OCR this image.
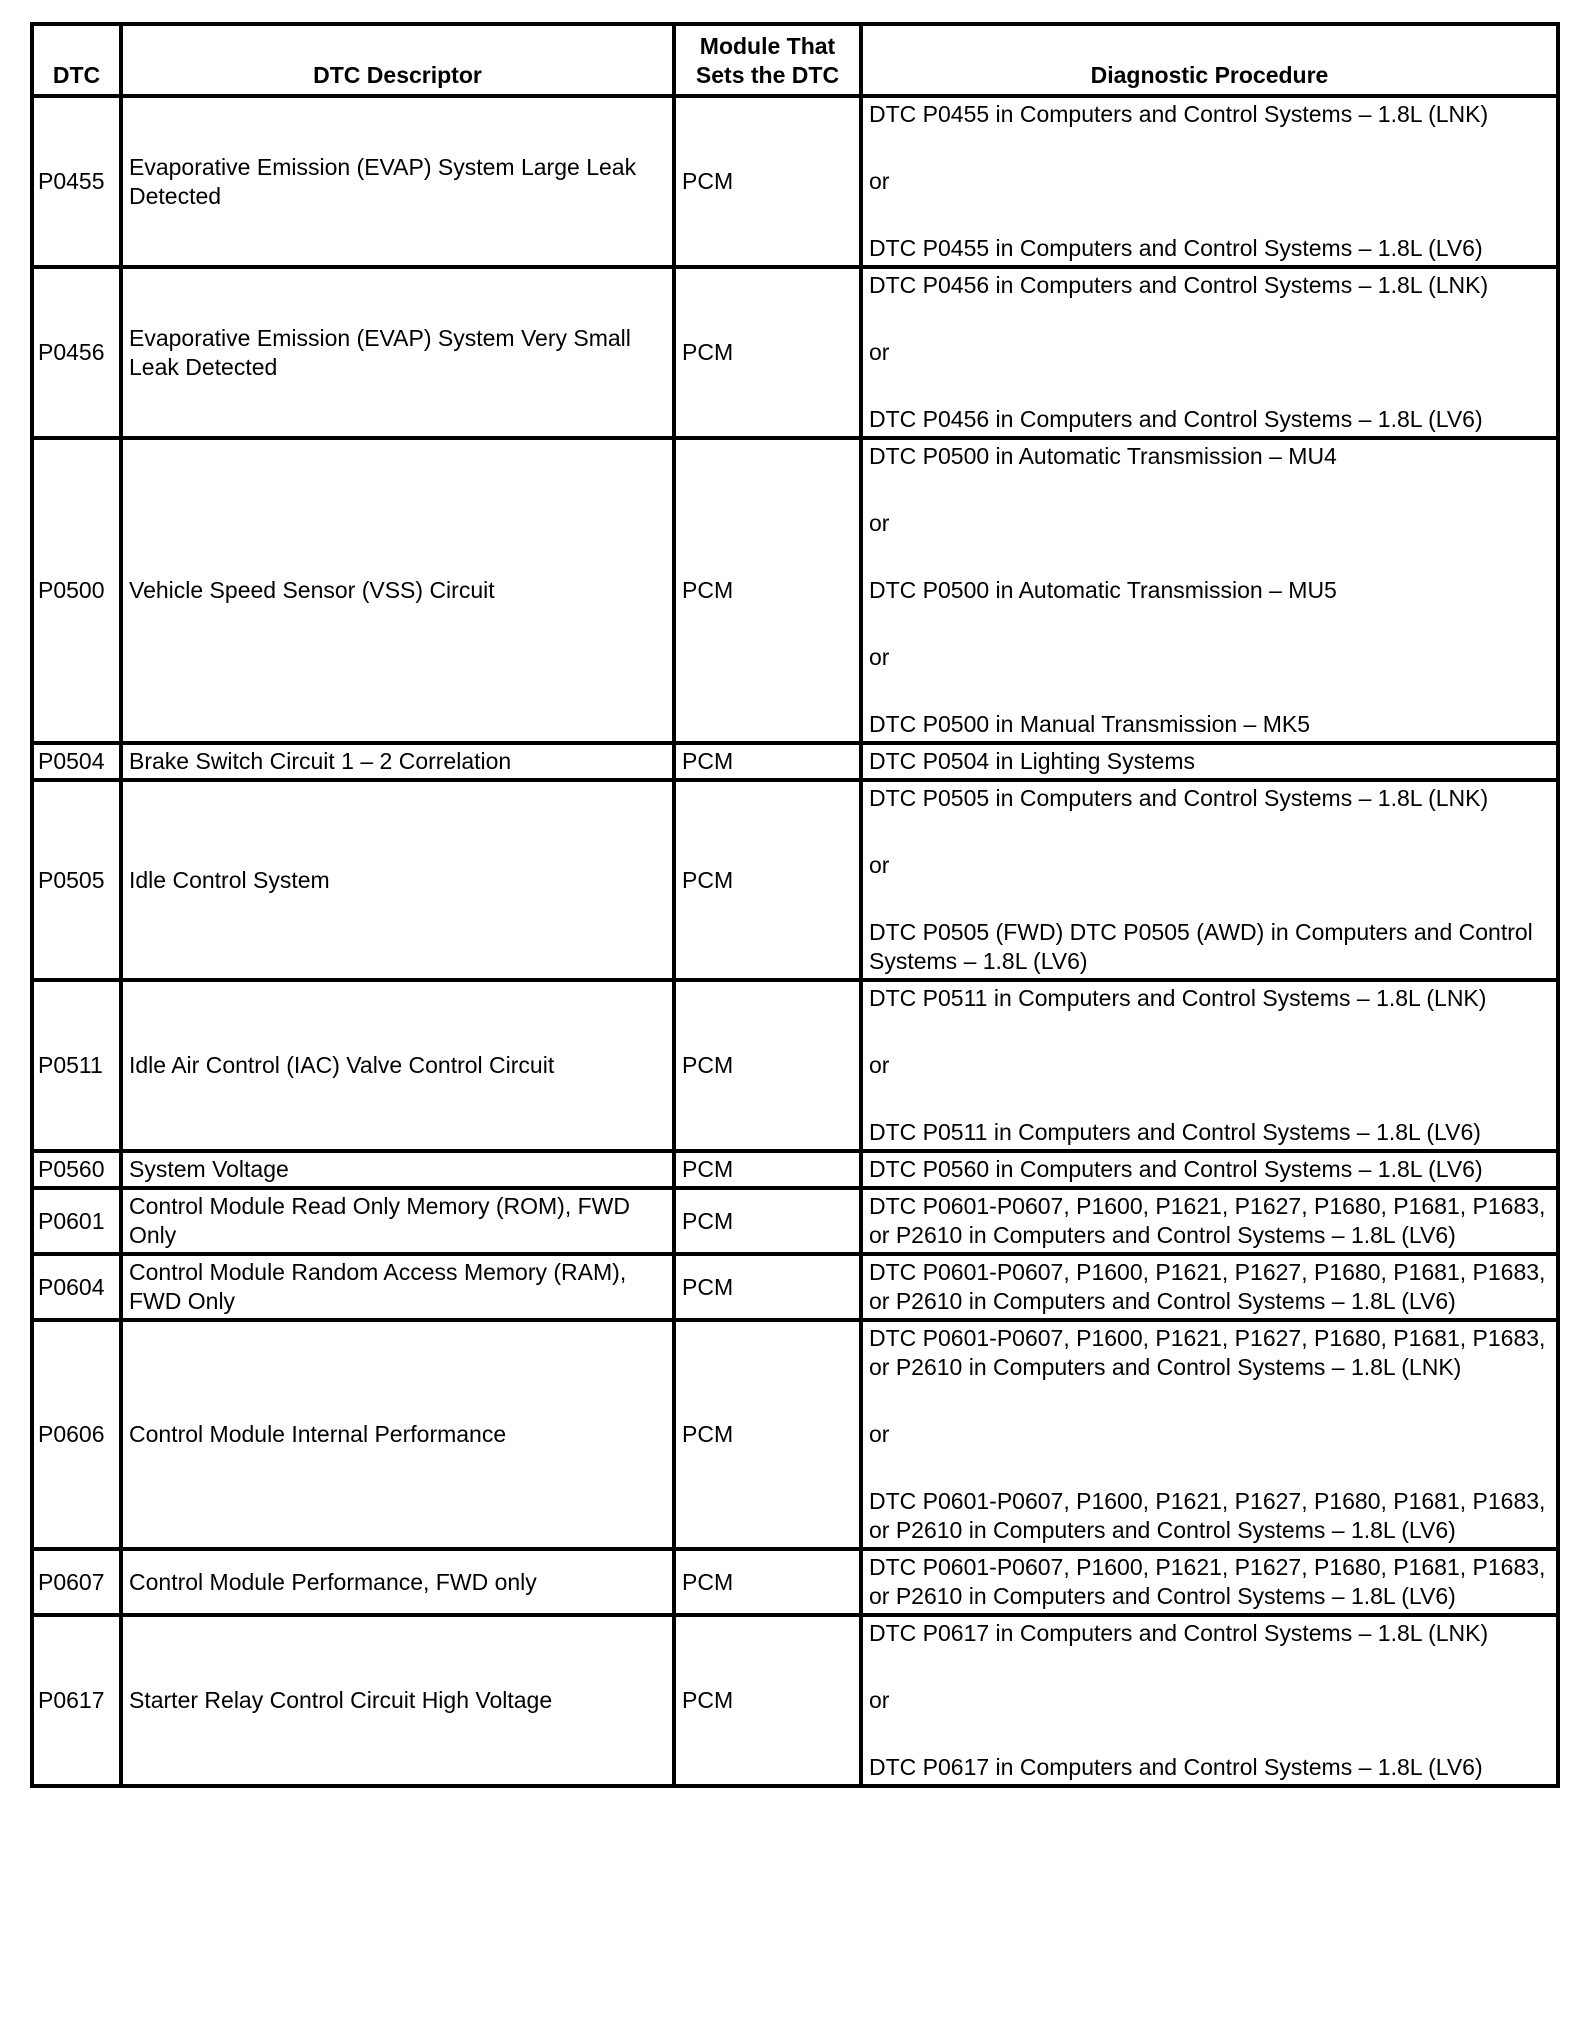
DTC	DTC Descriptor	Module That Sets the DTC	Diagnostic Procedure
P0455	Evaporative Emission (EVAP) System Large Leak Detected	PCM	DTC P0455 in Computers and Control Systems – 1.8L (LNK)
or
DTC P0455 in Computers and Control Systems – 1.8L (LV6)

P0456	Evaporative Emission (EVAP) System Very Small Leak Detected	PCM	DTC P0456 in Computers and Control Systems – 1.8L (LNK)
or
DTC P0456 in Computers and Control Systems – 1.8L (LV6)

P0500	Vehicle Speed Sensor (VSS) Circuit	PCM	DTC P0500 in Automatic Transmission – MU4
or
DTC P0500 in Automatic Transmission – MU5
or
DTC P0500 in Manual Transmission – MK5

P0504	Brake Switch Circuit 1 – 2 Correlation	PCM	DTC P0504 in Lighting Systems

P0505	Idle Control System	PCM	DTC P0505 in Computers and Control Systems – 1.8L (LNK)
or
DTC P0505 (FWD) DTC P0505 (AWD) in Computers and Control Systems – 1.8L (LV6)

P0511	Idle Air Control (IAC) Valve Control Circuit	PCM	DTC P0511 in Computers and Control Systems – 1.8L (LNK)
or
DTC P0511 in Computers and Control Systems – 1.8L (LV6)

P0560	System Voltage	PCM	DTC P0560 in Computers and Control Systems – 1.8L (LV6)

P0601	Control Module Read Only Memory (ROM), FWD Only	PCM	DTC P0601-P0607, P1600, P1621, P1627, P1680, P1681, P1683, or P2610 in Computers and Control Systems – 1.8L (LV6)

P0604	Control Module Random Access Memory (RAM), FWD Only	PCM	DTC P0601-P0607, P1600, P1621, P1627, P1680, P1681, P1683, or P2610 in Computers and Control Systems – 1.8L (LV6)

P0606	Control Module Internal Performance	PCM	DTC P0601-P0607, P1600, P1621, P1627, P1680, P1681, P1683, or P2610 in Computers and Control Systems – 1.8L (LNK)
or
DTC P0601-P0607, P1600, P1621, P1627, P1680, P1681, P1683, or P2610 in Computers and Control Systems – 1.8L (LV6)

P0607	Control Module Performance, FWD only	PCM	DTC P0601-P0607, P1600, P1621, P1627, P1680, P1681, P1683, or P2610 in Computers and Control Systems – 1.8L (LV6)

P0617	Starter Relay Control Circuit High Voltage	PCM	DTC P0617 in Computers and Control Systems – 1.8L (LNK)
or
DTC P0617 in Computers and Control Systems – 1.8L (LV6)
